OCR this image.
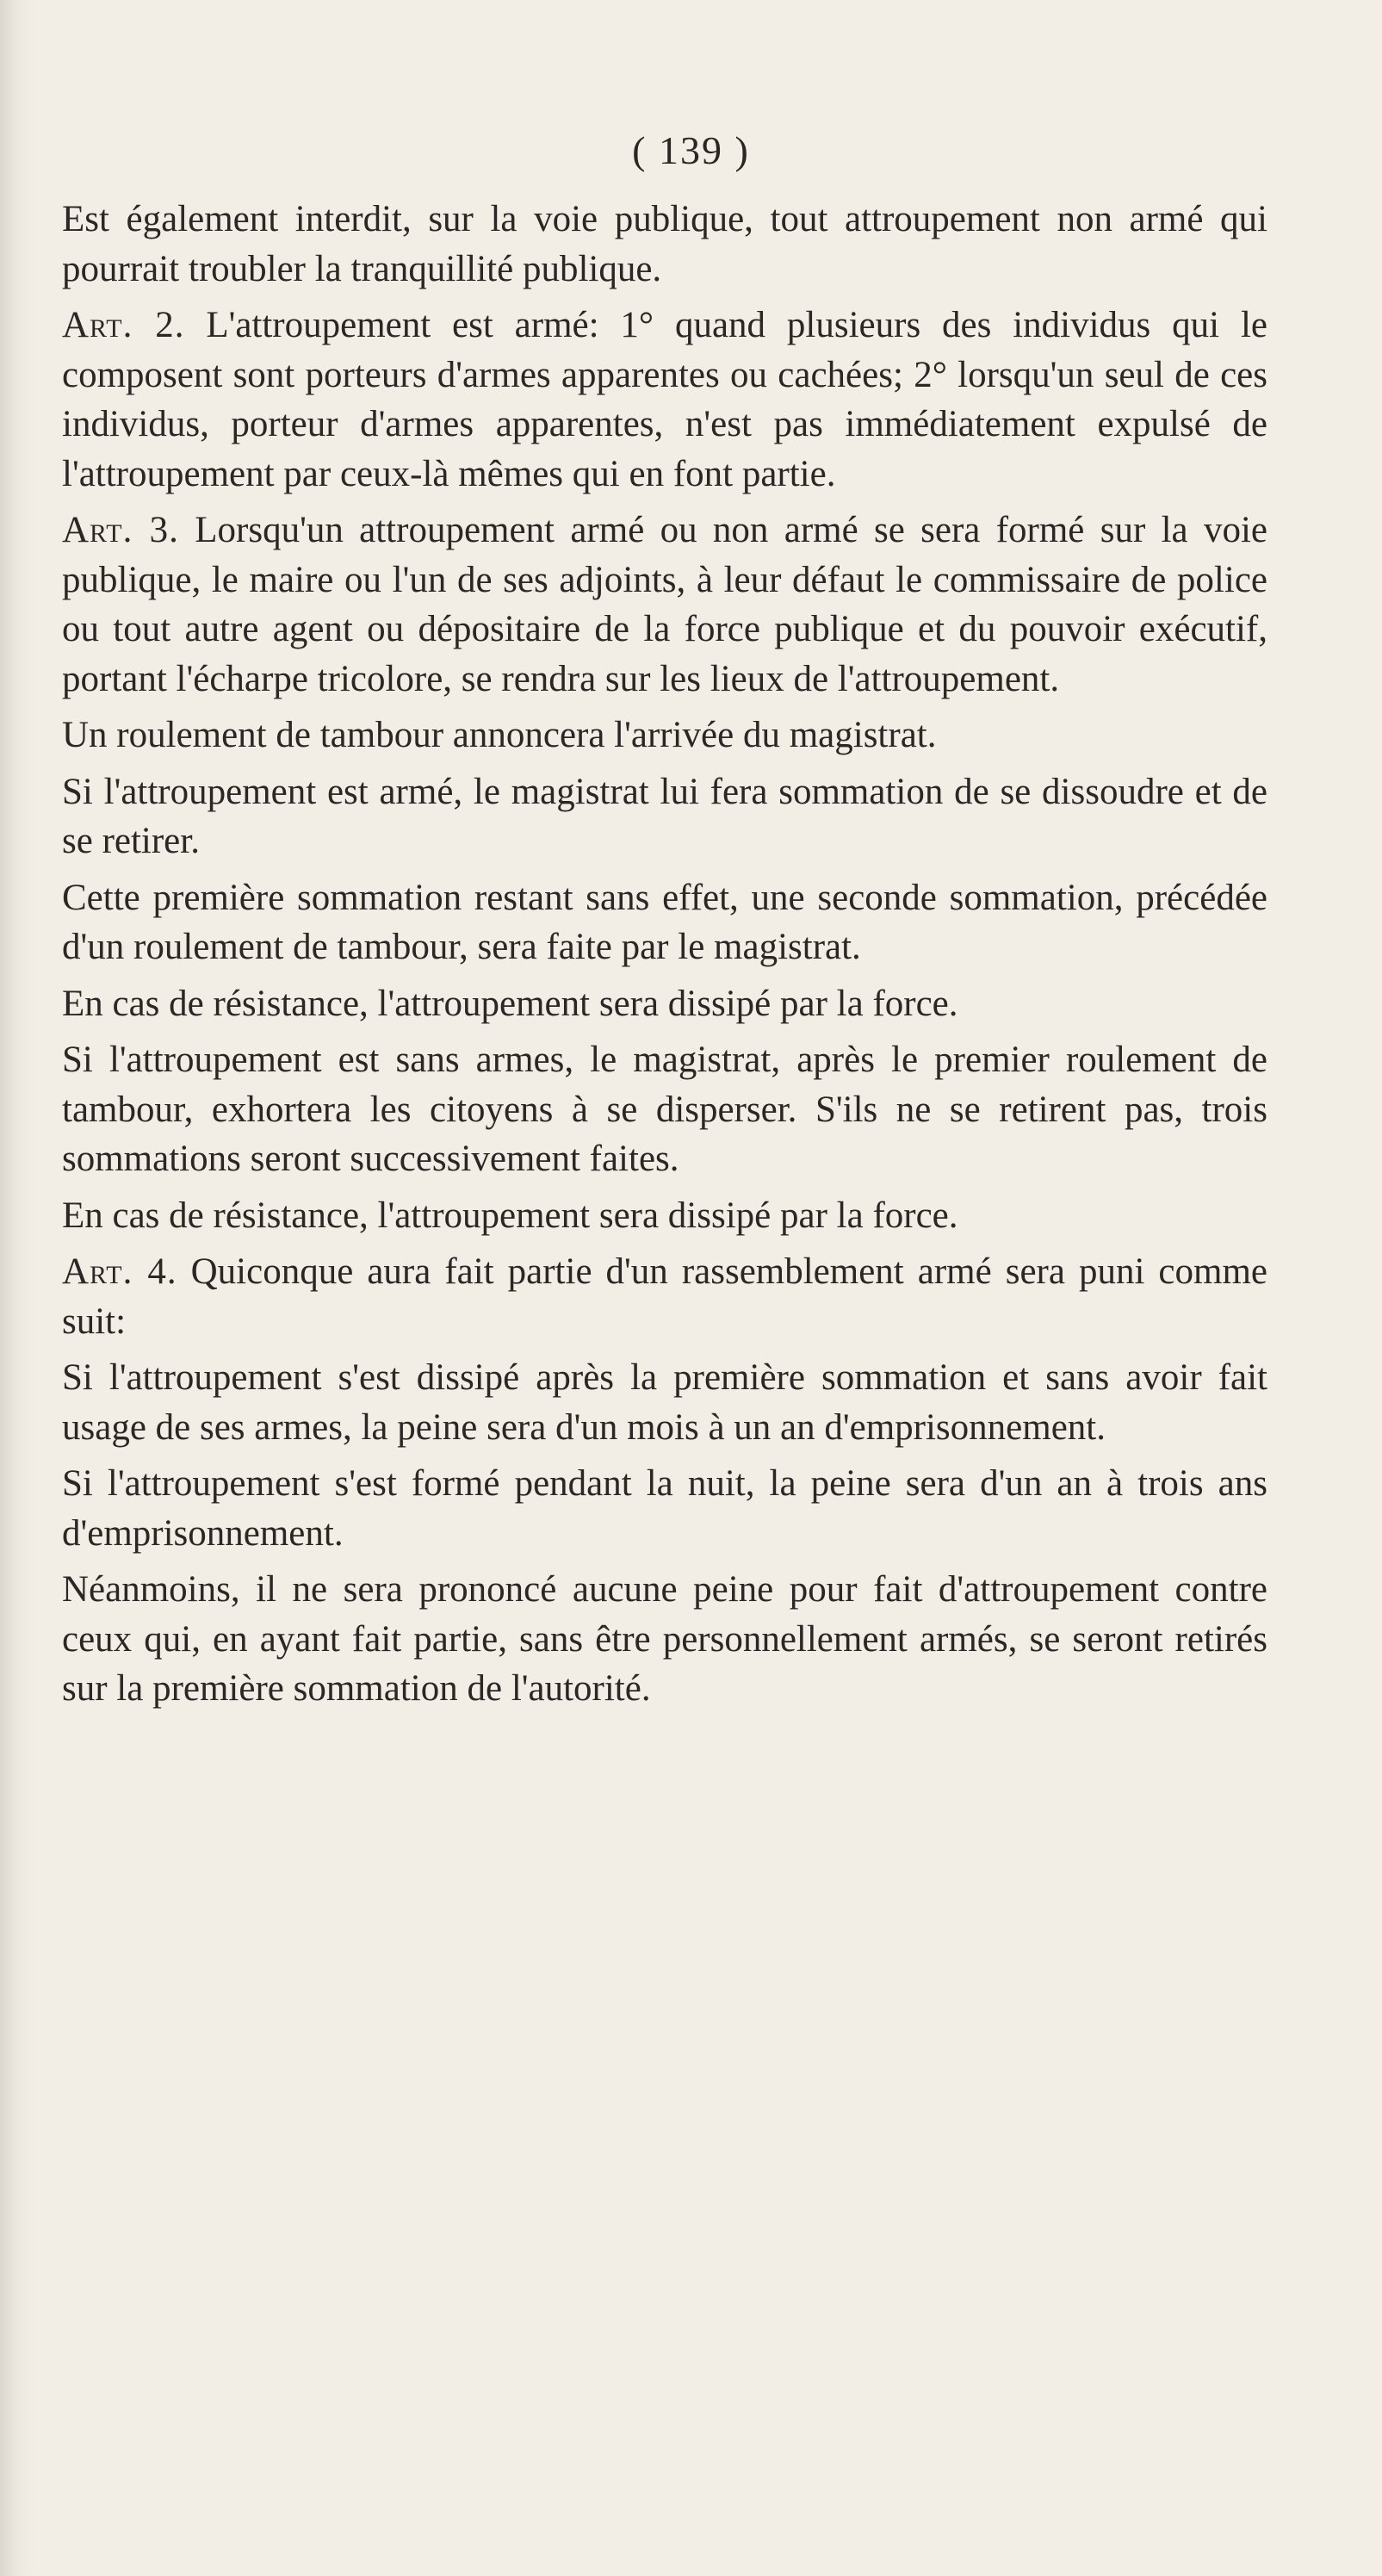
( 139 )

Est également interdit, sur la voie publique, tout attroupement non armé qui pourrait troubler la tranquillité publique.

Art. 2. L'attroupement est armé: 1° quand plusieurs des individus qui le composent sont porteurs d'armes apparentes ou cachées; 2° lorsqu'un seul de ces individus, porteur d'armes apparentes, n'est pas immédiatement expulsé de l'attroupement par ceux-là mêmes qui en font partie.

Art. 3. Lorsqu'un attroupement armé ou non armé se sera formé sur la voie publique, le maire ou l'un de ses adjoints, à leur défaut le commissaire de police ou tout autre agent ou dépositaire de la force publique et du pouvoir exécutif, portant l'écharpe tricolore, se rendra sur les lieux de l'attroupement.

Un roulement de tambour annoncera l'arrivée du magistrat.

Si l'attroupement est armé, le magistrat lui fera sommation de se dissoudre et de se retirer.

Cette première sommation restant sans effet, une seconde sommation, précédée d'un roulement de tambour, sera faite par le magistrat.

En cas de résistance, l'attroupement sera dissipé par la force.

Si l'attroupement est sans armes, le magistrat, après le premier roulement de tambour, exhortera les citoyens à se disperser. S'ils ne se retirent pas, trois sommations seront successivement faites.

En cas de résistance, l'attroupement sera dissipé par la force.

Art. 4. Quiconque aura fait partie d'un rassemblement armé sera puni comme suit:

Si l'attroupement s'est dissipé après la première sommation et sans avoir fait usage de ses armes, la peine sera d'un mois à un an d'emprisonnement.

Si l'attroupement s'est formé pendant la nuit, la peine sera d'un an à trois ans d'emprisonnement.

Néanmoins, il ne sera prononcé aucune peine pour fait d'attroupement contre ceux qui, en ayant fait partie, sans être personnellement armés, se seront retirés sur la première sommation de l'autorité.
